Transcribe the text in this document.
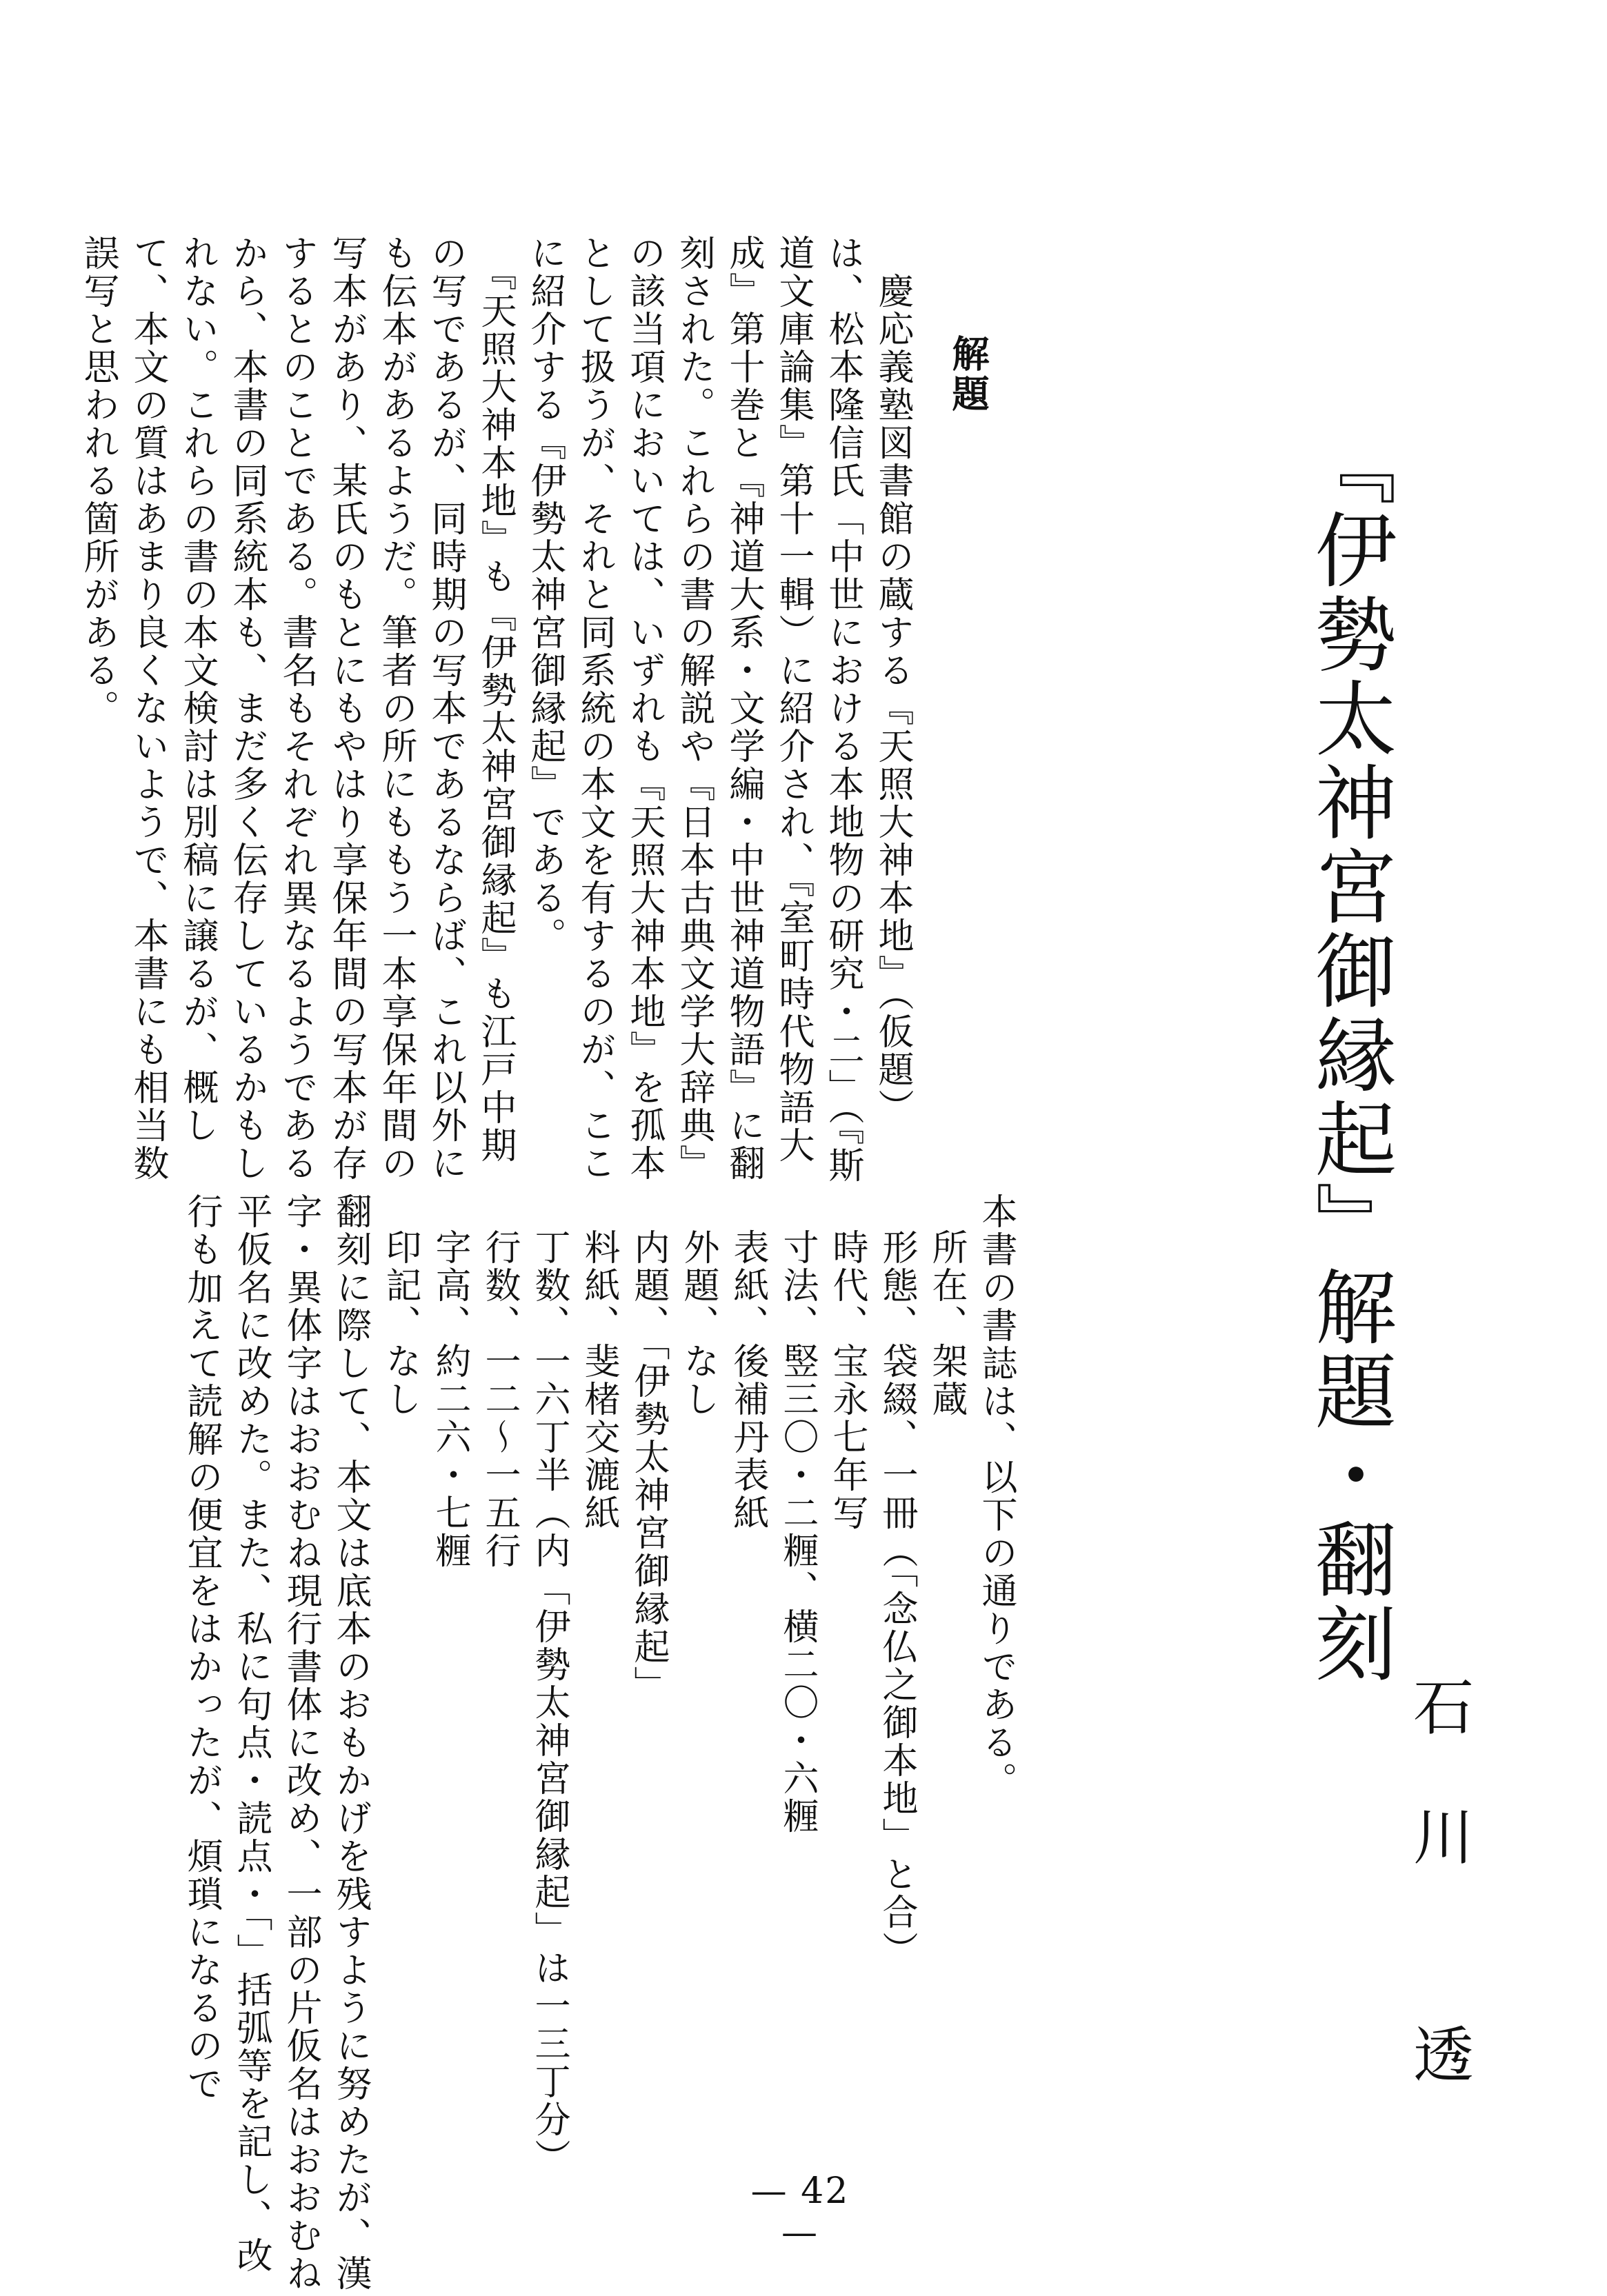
『伊勢太神宮御縁起』解題・翻刻
石川 透
解題
　慶応義塾図書館の蔵する『天照大神本地』（仮題）は、松本隆信氏「中世における本地物の研究・二」（『斯道文庫論集』第十一輯）に紹介され、『室町時代物語大成』第十巻と『神道大系・文学編・中世神道物語』に翻刻された。これらの書の解説や『日本古典文学大辞典』の該当項においては、いずれも『天照大神本地』を孤本として扱うが、それと同系統の本文を有するのが、ここに紹介する『伊勢太神宮御縁起』である。
　『天照大神本地』も『伊勢太神宮御縁起』も江戸中期の写であるが、同時期の写本であるならば、これ以外にも伝本があるようだ。筆者の所にももう一本享保年間の写本があり、某氏のもとにもやはり享保年間の写本が存するとのことである。書名もそれぞれ異なるようであるから、本書の同系統本も、まだ多く伝存しているかもしれない。これらの書の本文検討は別稿に譲るが、概して、本文の質はあまり良くないようで、本書にも相当数誤写と思われる箇所がある。
本書の書誌は、以下の通りである。
所在、架蔵
形態、袋綴、一冊（「念仏之御本地」と合）
時代、宝永七年写
寸法、竪三〇・二糎、横二〇・六糎
表紙、後補丹表紙
外題、なし
内題、「伊勢太神宮御縁起」
料紙、斐楮交漉紙
丁数、一六丁半（内「伊勢太神宮御縁起」は一三丁分）
行数、一二〜一五行
字高、約二六・七糎
印記、なし
翻刻に際して、本文は底本のおもかげを残すように努めたが、漢字・異体字はおおむね現行書体に改め、一部の片仮名はおおむね平仮名に改めた。また、私に句点・読点・「」括弧等を記し、改行も加えて読解の便宜をはかったが、煩瑣になるので
— 42 —
